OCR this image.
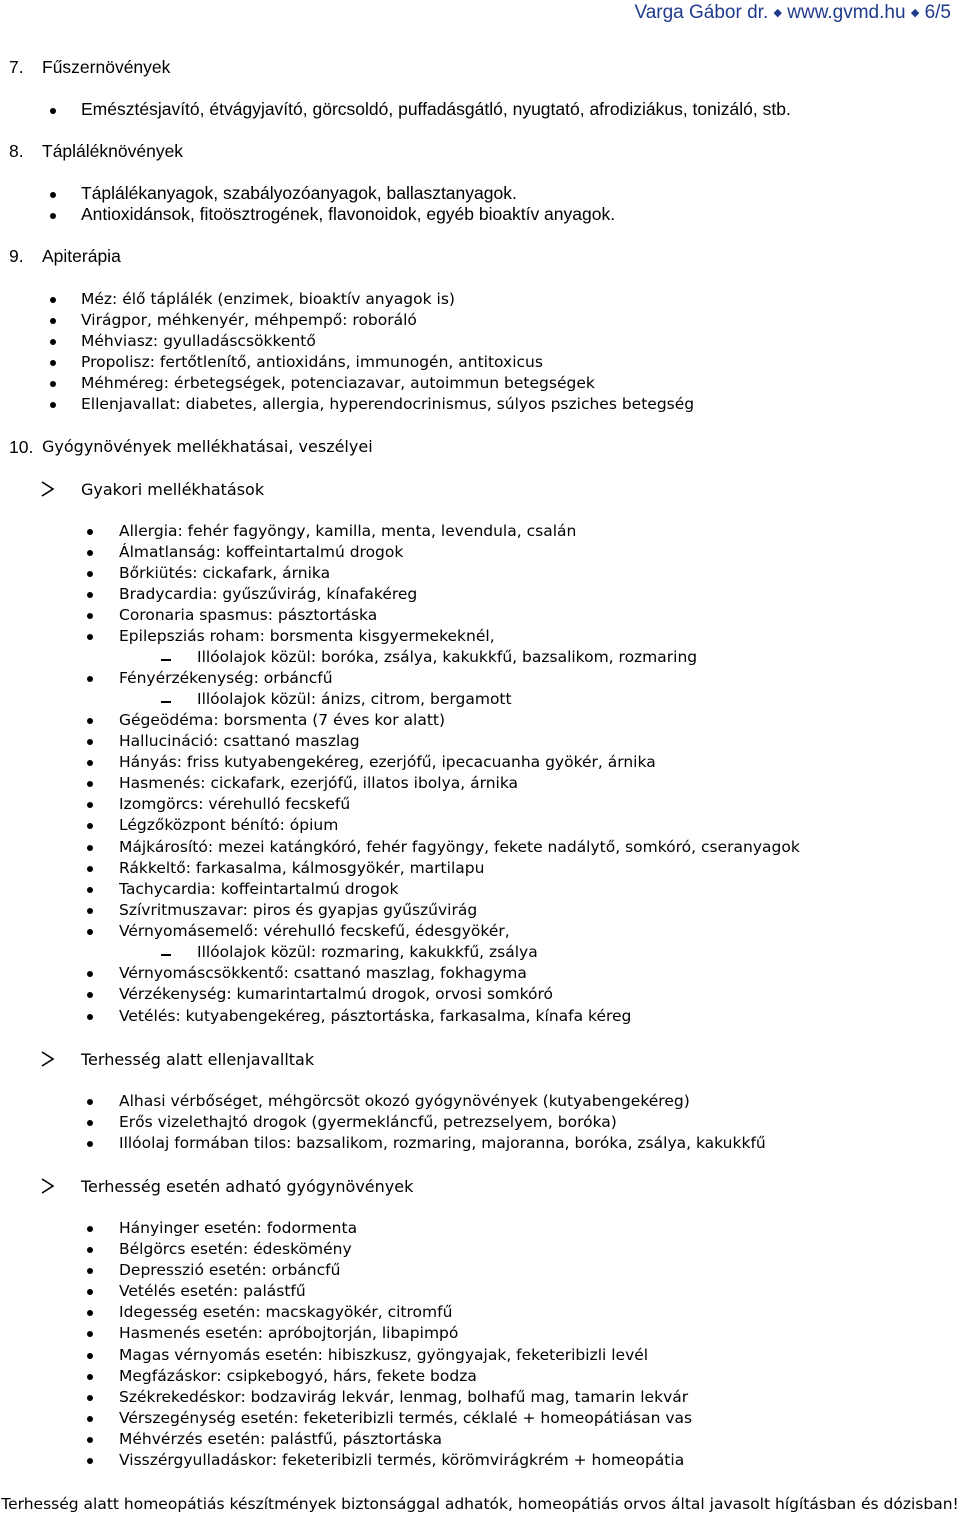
Varga Gábor dr. ◆ www.gvmd.hu ◆ 6/5
7. Fűszernövények
Emésztésjavító, étvágyjavító, görcsoldó, puffadásgátló, nyugtató, afrodiziákus, tonizáló, stb.
8. Tápláléknövények
Táplálékanyagok, szabályozóanyagok, ballasztanyagok.
Antioxidánsok, fitoösztrogének, flavonoidok, egyéb bioaktív anyagok.
9. Apiterápia
Méz: élő táplálék (enzimek, bioaktív anyagok is)
Virágpor, méhkenyér, méhpempő: roboráló
Méhviasz: gyulladáscsökkentő
Propolisz: fertőtlenítő, antioxidáns, immunogén, antitoxicus
Méhméreg: érbetegségek, potenciazavar, autoimmun betegségek
Ellenjavallat: diabetes, allergia, hyperendocrinismus, súlyos psziches betegség
10. Gyógynövények mellékhatásai, veszélyei
Gyakori mellékhatások
Allergia: fehér fagyöngy, kamilla, menta, levendula, csalán
Álmatlanság: koffeintartalmú drogok
Bőrkiütés: cickafark, árnika
Bradycardia: gyűszűvirág, kínafakéreg
Coronaria spasmus: pásztortáska
Epilepsziás roham: borsmenta kisgyermekeknél,
Illóolajok közül: boróka, zsálya, kakukkfű, bazsalikom, rozmaring
Fényérzékenység: orbáncfű
Illóolajok közül: ánizs, citrom, bergamott
Gégeödéma: borsmenta (7 éves kor alatt)
Hallucináció: csattanó maszlag
Hányás: friss kutyabengekéreg, ezerjófű, ipecacuanha gyökér, árnika
Hasmenés: cickafark, ezerjófű, illatos ibolya, árnika
Izomgörcs: vérehulló fecskefű
Légzőközpont bénító: ópium
Májkárosító: mezei katángkóró, fehér fagyöngy, fekete nadálytő, somkóró, cseranyagok
Rákkeltő: farkasalma, kálmosgyökér, martilapu
Tachycardia: koffeintartalmú drogok
Szívritmuszavar: piros és gyapjas gyűszűvirág
Vérnyomásemelő: vérehulló fecskefű, édesgyökér,
Illóolajok közül: rozmaring, kakukkfű, zsálya
Vérnyomáscsökkentő: csattanó maszlag, fokhagyma
Vérzékenység: kumarintartalmú drogok, orvosi somkóró
Vetélés: kutyabengekéreg, pásztortáska, farkasalma, kínafa kéreg
Terhesség alatt ellenjavalltak
Alhasi vérbőséget, méhgörcsöt okozó gyógynövények (kutyabengekéreg)
Erős vizelethajtó drogok (gyermekláncfű, petrezselyem, boróka)
Illóolaj formában tilos: bazsalikom, rozmaring, majoranna, boróka, zsálya, kakukkfű
Terhesség esetén adható gyógynövények
Hányinger esetén: fodormenta
Bélgörcs esetén: édeskömény
Depresszió esetén: orbáncfű
Vetélés esetén: palástfű
Idegesség esetén: macskagyökér, citromfű
Hasmenés esetén: apróbojtorján, libapimpó
Magas vérnyomás esetén: hibiszkusz, gyöngyajak, feketeribizli levél
Megfázáskor: csipkebogyó, hárs, fekete bodza
Székrekedéskor: bodzavirág lekvár, lenmag, bolhafű mag, tamarin lekvár
Vérszegénység esetén: feketeribizli termés, céklalé + homeopátiásan vas
Méhvérzés esetén: palástfű, pásztortáska
Visszérgyulladáskor: feketeribizli termés, körömvirágkrém + homeopátia
Terhesség alatt homeopátiás készítmények biztonsággal adhatók, homeopátiás orvos által javasolt hígításban és dózisban!
